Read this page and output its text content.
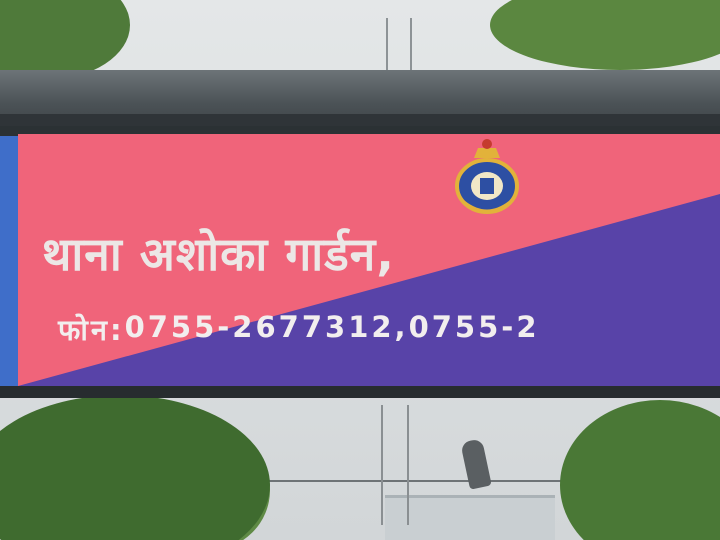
थाना अशोका गार्डन,
फोन: 0755-2677312,0755-2
